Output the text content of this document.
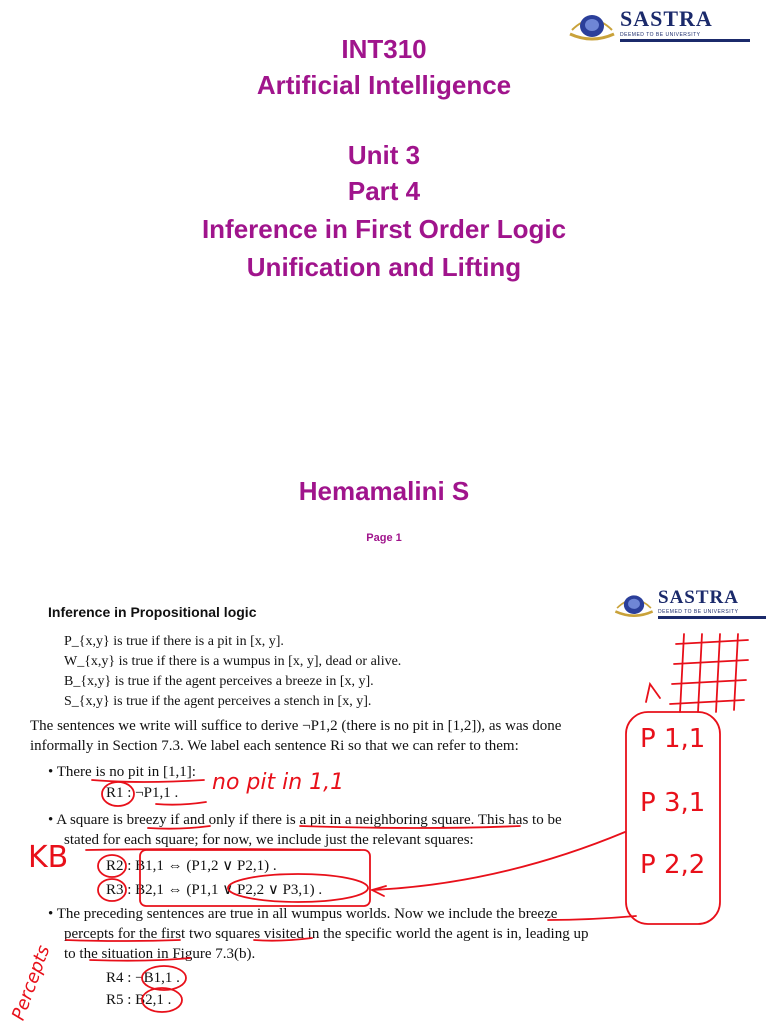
SASTRA
DEEMED TO BE UNIVERSITY
INT310
Artificial Intelligence
Unit 3
Part 4
Inference in First Order Logic
Unification and Lifting
Hemamalini S
Page 1
SASTRA
DEEMED TO BE UNIVERSITY
Inference in Propositional logic
P_{x,y} is true if there is a pit in [x, y].
W_{x,y} is true if there is a wumpus in [x, y], dead or alive.
B_{x,y} is true if the agent perceives a breeze in [x, y].
S_{x,y} is true if the agent perceives a stench in [x, y].
The sentences we write will suffice to derive ¬P1,2 (there is no pit in [1,2]), as was done
informally in Section 7.3. We label each sentence Ri so that we can refer to them:
• There is no pit in [1,1]:
R1 : ¬P1,1 .
• A square is breezy if and only if there is a pit in a neighboring square. This has to be
stated for each square; for now, we include just the relevant squares:
R2 : B1,1 ⇔ (P1,2 ∨ P2,1) .
R3 : B2,1 ⇔ (P1,1 ∨ P2,2 ∨ P3,1) .
• The preceding sentences are true in all wumpus worlds. Now we include the breeze
percepts for the first two squares visited in the specific world the agent is in, leading up
to the situation in Figure 7.3(b).
R4 : ¬B1,1 .
R5 : B2,1 .
no pit in 1,1
KB
Percepts
P 1,1
P 3,1
P 2,2
